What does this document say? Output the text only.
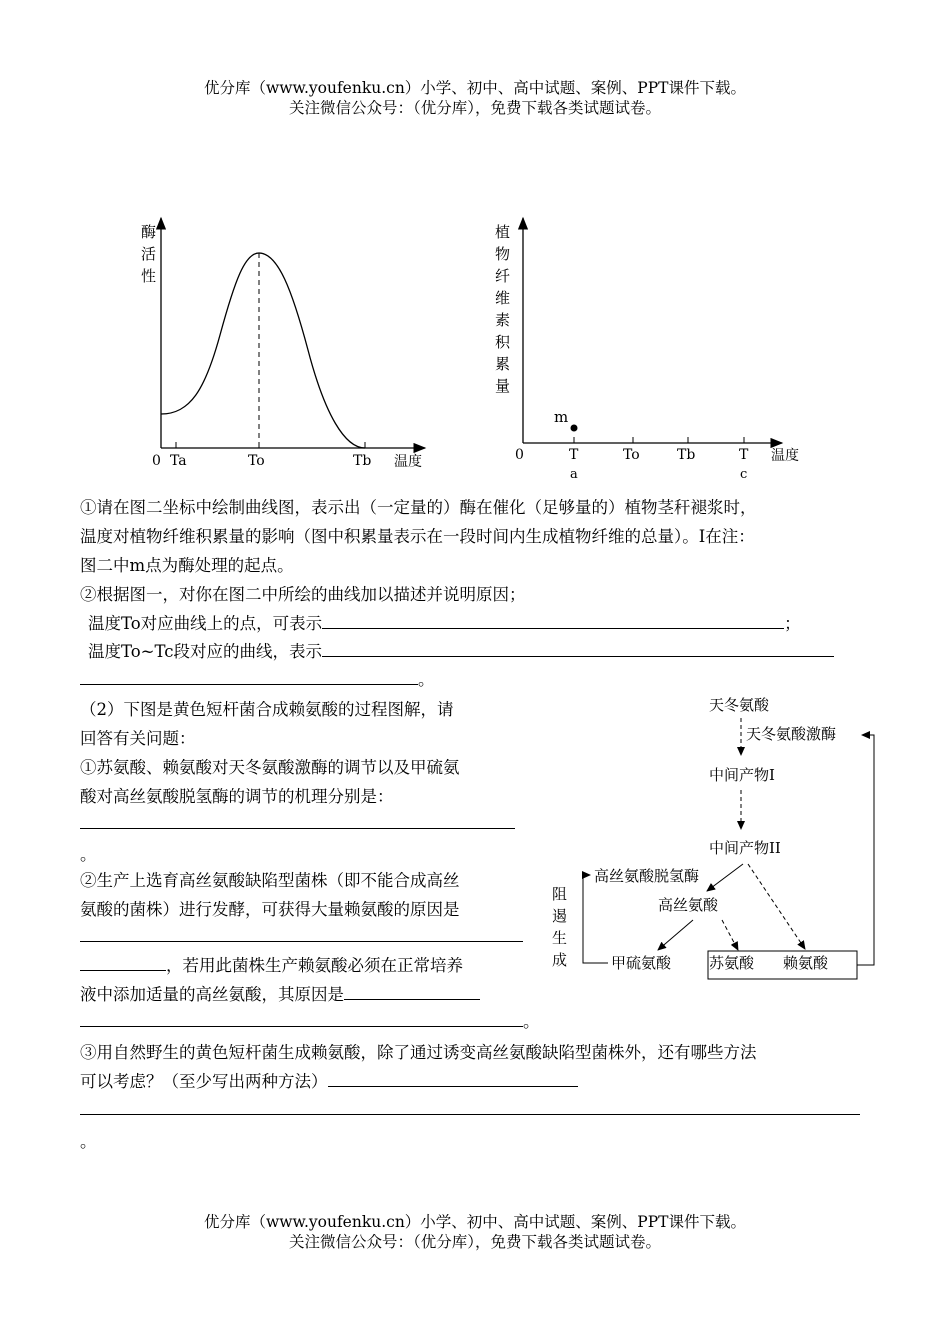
优分库（www.youfenku.cn）小学、初中、高中试题、案例、PPT课件下载。
关注微信公众号：（优分库），免费下载各类试题试卷。
酶
活
性
0 Ta	To	Tb 温度
m
植
物
纤
维
素
积
累
量
0	T
a
To	Tb	T
c
温度
①请在图二坐标中绘制曲线图，表示出（一定量的）酶在催化（足够量的）植物茎秆褪浆时，
温度对植物纤维积累量的影响（图中积累量表示在一段时间内生成植物纤维的总量）。I在注：
图二中m点为酶处理的起点。
②根据图一，对你在图二中所绘的曲线加以描述并说明原因；
温度To对应曲线上的点，可表示	；
温度To~Tc段对应的曲线，表示
。
（2）下图是黄色短杆菌合成赖氨酸的过程图解，请
回答有关问题：
①苏氨酸、赖氨酸对天冬氨酸激酶的调节以及甲硫氨
酸对高丝氨酸脱氢酶的调节的机理分别是：
。
②生产上选育高丝氨酸缺陷型菌株（即不能合成高丝
氨酸的菌株）进行发酵，可获得大量赖氨酸的原因是
，若用此菌株生产赖氨酸必须在正常培养
液中添加适量的高丝氨酸，其原因是
。
③用自然野生的黄色短杆菌生成赖氨酸，除了通过诱变高丝氨酸缺陷型菌株外，还有哪些方法
可以考虑？（至少写出两种方法）
。
天冬氨酸
天冬氨酸激酶
中间产物I
中间产物II
高丝氨酸脱氢酶
高丝氨酸
甲硫氨酸	苏氨酸 赖氨酸
阻
遏
生
成
优分库（www.youfenku.cn）小学、初中、高中试题、案例、PPT课件下载。
关注微信公众号：（优分库），免费下载各类试题试卷。
